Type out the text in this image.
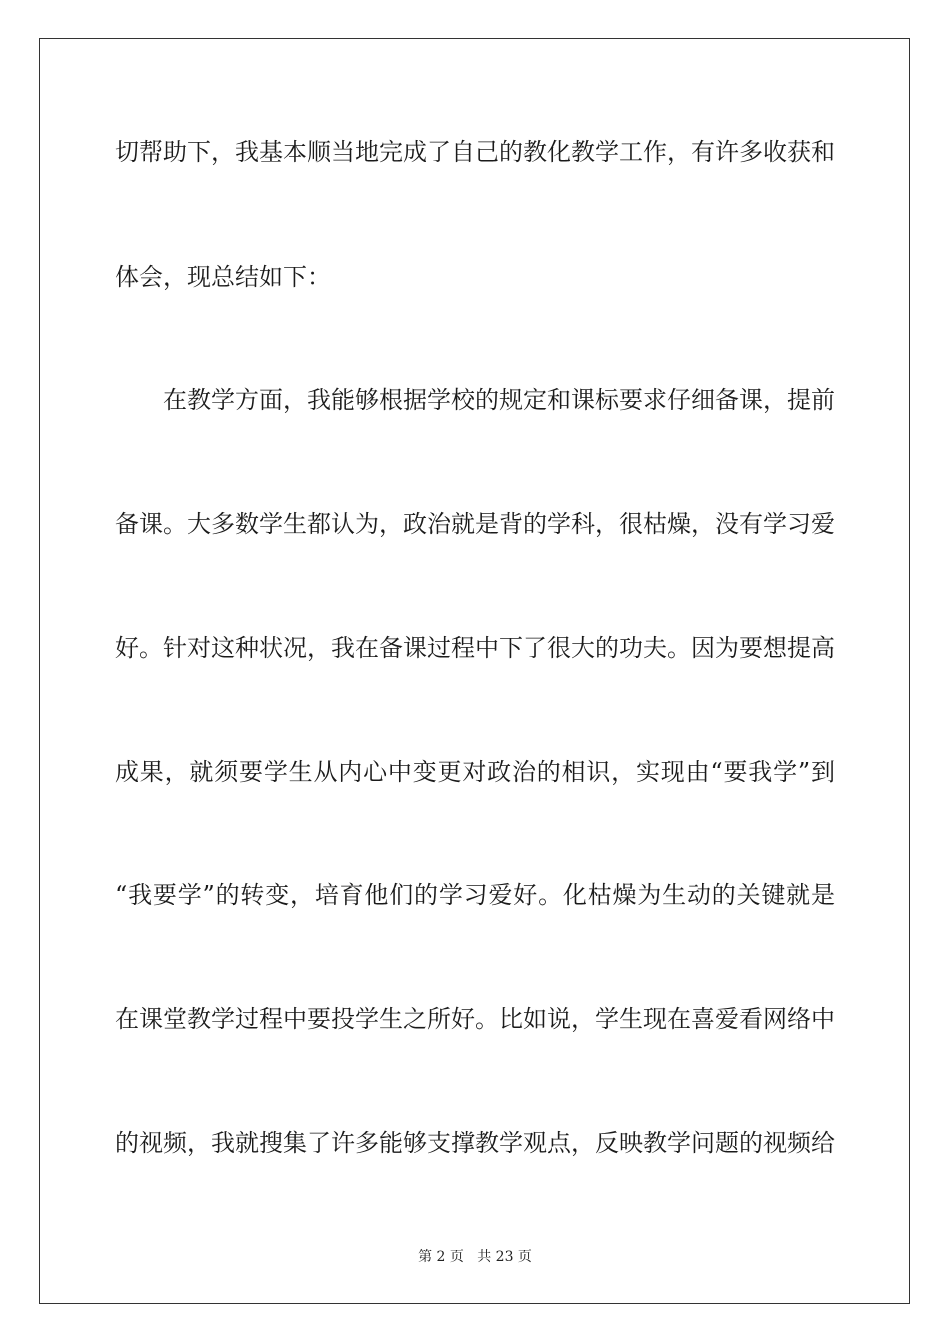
切帮助下，我基本顺当地完成了自己的教化教学工作，有许多收获和
体会，现总结如下：
在教学方面，我能够根据学校的规定和课标要求仔细备课，提前
备课。大多数学生都认为，政治就是背的学科，很枯燥，没有学习爱
好。针对这种状况，我在备课过程中下了很大的功夫。因为要想提高
成果，就须要学生从内心中变更对政治的相识，实现由“要我学”到
“我要学”的转变，培育他们的学习爱好。化枯燥为生动的关键就是
在课堂教学过程中要投学生之所好。比如说，学生现在喜爱看网络中
的视频，我就搜集了许多能够支撑教学观点，反映教学问题的视频给
第 2 页   共 23 页
